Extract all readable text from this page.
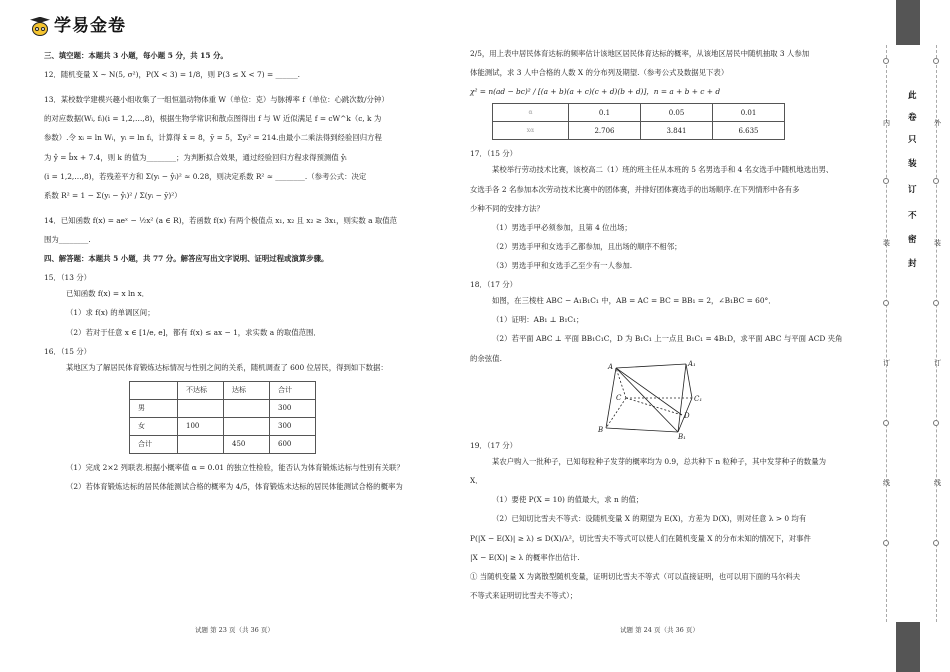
学易金卷

三、填空题：本题共 3 小题，每小题 5 分，共 15 分。

12．随机变量 X ~ N(5, σ²)，P(X < 3) = 1/8，则 P(3 ≤ X < 7) = ______.

13．某校数学建模兴趣小组收集了一组恒温动物体重 W（单位：克）与脉搏率 f（单位：心跳次数/分钟）

的对应数据(Wᵢ, fᵢ)(i = 1,2,…,8)，根据生物学常识和散点图得出 f 与 W 近似满足 f = cW^k（c, k 为

参数）.令 xᵢ = ln Wᵢ，yᵢ = ln fᵢ，计算得 x̄ = 8，ȳ = 5，Σyᵢ² = 214.由最小二乘法得到经验回归方程

为 ŷ = b̂x + 7.4，则 k 的值为________；为判断拟合效果，通过经验回归方程求得预测值 ŷᵢ

(i = 1,2,…,8)，若残差平方和 Σ(yᵢ − ŷᵢ)² ≈ 0.28，则决定系数 R² ≈ ________.（参考公式：决定

系数 R² = 1 − Σ(yᵢ − ŷᵢ)² / Σ(yᵢ − ȳ)²）

14．已知函数 f(x) = aeˣ − ½x² (a ∈ R)，若函数 f(x) 有两个极值点 x₁, x₂ 且 x₂ ≥ 3x₁，则实数 a 取值范

围为________.

四、解答题：本题共 5 小题，共 77 分。解答应写出文字说明、证明过程或演算步骤。

15．（13 分）

已知函数 f(x) = x ln x．

（1）求 f(x) 的单调区间；

（2）若对于任意 x ∈ [1/e, e]，都有 f(x) ≤ ax − 1，求实数 a 的取值范围．

16．（15 分）

某地区为了解居民体育锻炼达标情况与性别之间的关系，随机调查了 600 位居民，得到如下数据：

	不达标	达标	合计
男			300
女	100		300
合计		450	600

（1）完成 2×2 列联表.根据小概率值 α = 0.01 的独立性检验，能否认为体育锻炼达标与性别有关联？

（2）若体育锻炼达标的居民体能测试合格的概率为 4/5，体育锻炼未达标的居民体能测试合格的概率为

试题 第 23 页（共 36 页）

2/5，用上表中居民体育达标的频率估计该地区居民体育达标的概率，从该地区居民中随机抽取 3 人参加

体能测试，求 3 人中合格的人数 X 的分布列及期望.（参考公式及数据见下表）

χ² = n(ad − bc)² / [(a + b)(a + c)(c + d)(b + d)]，n = a + b + c + d

α	0.1	0.05	0.01
xα	2.706	3.841	6.635

17．（15 分）

某校举行劳动技术比赛，该校高二（1）班的班主任从本班的 5 名男选手和 4 名女选手中随机地选出男、

女选手各 2 名参加本次劳动技术比赛中的团体赛，并排好团体赛选手的出场顺序.在下列情形中各有多

少种不同的安排方法？

（1）男选手甲必须参加，且第 4 位出场；

（2）男选手甲和女选手乙都参加，且出场的顺序不相邻；

（3）男选手甲和女选手乙至少有一人参加.

18．（17 分）

如图，在三棱柱 ABC − A₁B₁C₁ 中，AB = AC = BC = BB₁ = 2，∠B₁BC = 60°．

（1）证明：AB₁ ⊥ B₁C₁；

（2）若平面 ABC ⊥ 平面 BB₁C₁C，D 为 B₁C₁ 上一点且 B₁C₁ = 4B₁D，求平面 ABC 与平面 ACD 夹角

的余弦值.

A	A₁
C	C₁
B
B₁
D

19．（17 分）

某农户购入一批种子，已知每粒种子发芽的概率均为 0.9，总共种下 n 粒种子，其中发芽种子的数量为

X．

（1）要使 P(X = 10) 的值最大，求 n 的值；

（2）已知切比雪夫不等式：设随机变量 X 的期望为 E(X)，方差为 D(X)，则对任意 λ > 0 均有

P(|X − E(X)| ≥ λ) ≤ D(X)/λ²，切比雪夫不等式可以使人们在随机变量 X 的分布未知的情况下，对事件

|X − E(X)| ≥ λ 的概率作出估计.

① 当随机变量 X 为离散型随机变量，证明切比雪夫不等式（可以直接证明，也可以用下面的马尔科夫

不等式来证明切比雪夫不等式）；

试题 第 24 页（共 36 页）
内
装
订
线
外
装
订
线
此
卷
只
装
订
不
密
封
